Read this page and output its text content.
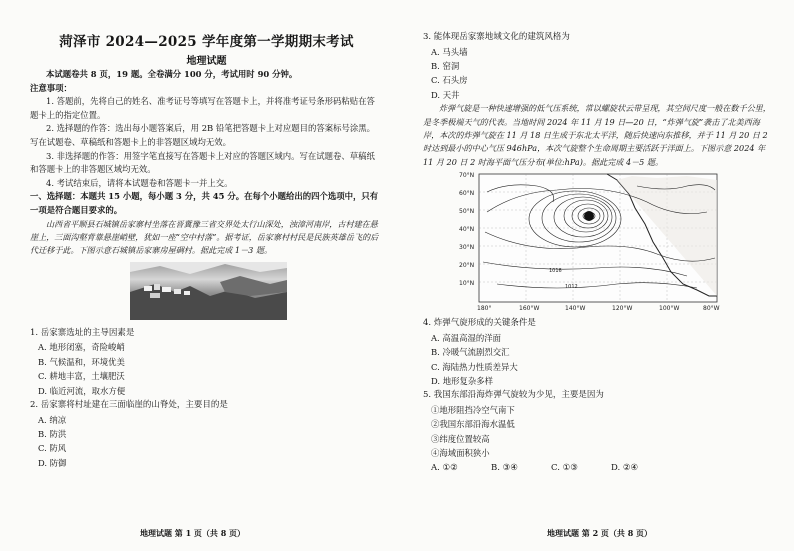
菏泽市 2024—2025 学年度第一学期期末考试

地理试题

本试题卷共 8 页，19 题。全卷满分 100 分，考试用时 90 分钟。

注意事项：

1. 答题前，先将自己的姓名、准考证号等填写在答题卡上，并将准考证号条形码粘贴在答题卡上的指定位置。

2. 选择题的作答：选出每小题答案后，用 2B 铅笔把答题卡上对应题目的答案标号涂黑。写在试题卷、草稿纸和答题卡上的非答题区域均无效。

3. 非选择题的作答：用签字笔直接写在答题卡上对应的答题区域内。写在试题卷、草稿纸和答题卡上的非答题区域均无效。

4. 考试结束后，请将本试题卷和答题卡一并上交。

一、选择题：本题共 15 小题，每小题 3 分，共 45 分。在每个小题给出的四个选项中，只有一项是符合题目要求的。

山西省平顺县石城镇岳家寨村坐落在晋冀豫三省交界处太行山深处，浊漳河南岸，古村建在悬崖上，三面沟壑背靠悬崖峭壁，犹如一座“空中村落”。据考证，岳家寨村村民是民族英雄岳飞的后代迁移于此。下图示意石城镇岳家寨房屋碉村。据此完成 1－3 题。

1. 岳家寨选址的主导因素是

A. 地形闭塞，奇险峻峭

B. 气候温和，环境优美

C. 耕地丰富，土壤肥沃

D. 临近河流，取水方便

2. 岳家寨将村址建在三面临崖的山脊处，主要目的是

A. 纳凉

B. 防洪

C. 防风

D. 防御

地理试题 第 1 页（共 8 页）

3. 能体现岳家寨地域文化的建筑风格为

A. 马头墙

B. 窑洞

C. 石头房

D. 天井

炸弹气旋是一种快速增强的低气压系统，常以螺旋状云带呈现，其空间尺度一般在数千公里，是冬季极端天气的代表。当地时间 2024 年 11 月 19 日—20 日，“炸弹气旋”袭击了北美西海岸，本次的炸弹气旋在 11 月 18 日生成于东北太平洋，随后快速向东推移，并于 11 月 20 日 2 时达到最小的中心气压 946hPa，本次气旋整个生命周期主要活跃于洋面上。下图示意 2024 年 11 月 20 日 2 时海平面气压分布(单位:hPa)。据此完成 4－5 题。

70°N
60°N
50°N
40°N
30°N
20°N
10°N
180°	160°W	140°W	120°W	100°W	80°W
1016
1012

4. 炸弹气旋形成的关键条件是

A. 高温高湿的洋面

B. 冷暖气流剧烈交汇

C. 海陆热力性质差异大

D. 地形复杂多样

5. 我国东部沿海炸弹气旋较为少见，主要是因为

①地形阻挡冷空气南下

②我国东部沿海水温低

③纬度位置较高

④海域面积狭小

A. ①②	B. ③④	C. ①③	D. ②④
地理试题 第 2 页（共 8 页）
